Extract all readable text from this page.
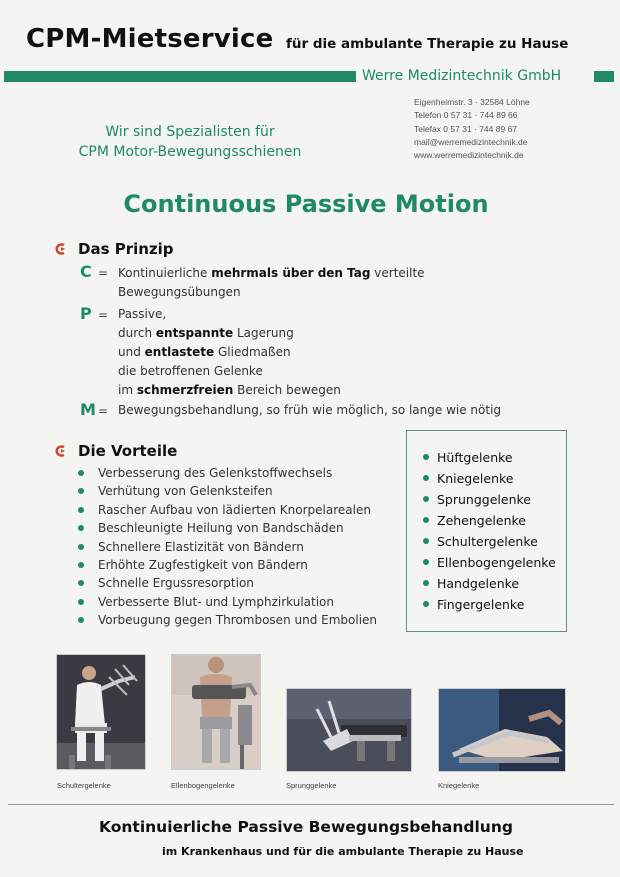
CPM-Mietservice für die ambulante Therapie zu Hause
Werre Medizintechnik GmbH
Eigenheimstr. 3 · 32584 Löhne
Telefon 0 57 31 · 744 89 66
Telefax 0 57 31 · 744 89 67
mail@werremedizintechnik.de
www.werremedizintechnik.de
Wir sind Spezialisten für
CPM Motor-Bewegungsschienen
Continuous Passive Motion
Das Prinzip
C = Kontinuierliche mehrmals über den Tag verteilte
Bewegungsübungen
P = Passive,
durch entspannte Lagerung
und entlastete Gliedmaßen
die betroffenen Gelenke
im schmerzfreien Bereich bewegen
M = Bewegungsbehandlung, so früh wie möglich, so lange wie nötig
Die Vorteile
Verbesserung des Gelenkstoffwechsels
Verhütung von Gelenksteifen
Rascher Aufbau von lädierten Knorpelarealen
Beschleunigte Heilung von Bandschäden
Schnellere Elastizität von Bändern
Erhöhte Zugfestigkeit von Bändern
Schnelle Ergussresorption
Verbesserte Blut- und Lymphzirkulation
Vorbeugung gegen Thrombosen und Embolien
Hüftgelenke
Kniegelenke
Sprunggelenke
Zehengelenke
Schultergelenke
Ellenbogengelenke
Handgelenke
Fingergelenke
Schultergelenke	Ellenbogengelenke	Sprunggelenke	Kniegelenke
Kontinuierliche Passive Bewegungsbehandlung
im Krankenhaus und für die ambulante Therapie zu Hause
